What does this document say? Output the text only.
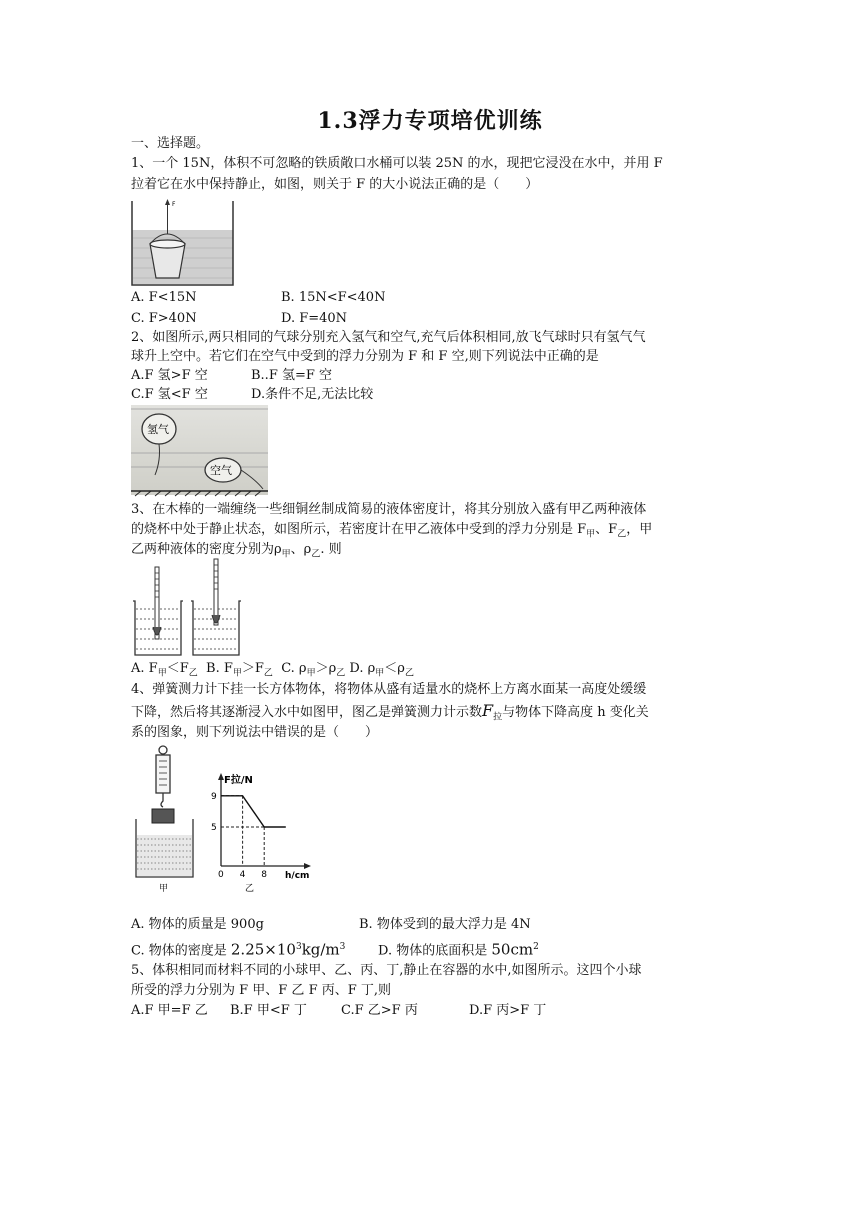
1.3浮力专项培优训练
一、选择题。
1、一个 15N，体积不可忽略的铁质敞口水桶可以装 25N 的水，现把它浸没在水中，并用 F
拉着它在水中保持静止，如图，则关于 F 的大小说法正确的是（　　）
F
A. F<15N	B. 15N<F<40N
C. F>40N	D. F=40N
2、如图所示,两只相同的气球分别充入氢气和空气,充气后体积相同,放飞气球时只有氢气气
球升上空中。若它们在空气中受到的浮力分别为 F 和 F 空,则下列说法中正确的是
A.F 氢>F 空	B..F 氢=F 空
C.F 氢<F 空	D.条件不足,无法比较
氢气
空气
3、在木棒的一端缠绕一些细铜丝制成简易的液体密度计，将其分别放入盛有甲乙两种液体
的烧杯中处于静止状态，如图所示，若密度计在甲乙液体中受到的浮力分别是 $F_甲$、$F_乙$，甲
乙两种液体的密度分别为$\rho_甲$、$\rho_乙$. 则
A. $F_甲<F_乙$ B. $F_甲>F_乙$ C. $\rho_甲>\rho_乙$ D. $\rho_甲<\rho_乙$
4、弹簧测力计下挂一长方体物体，将物体从盛有适量水的烧杯上方离水面某一高度处缓缓
下降，然后将其逐渐浸入水中如图甲，图乙是弹簧测力计示数$F_拉$与物体下降高度 h 变化关
系的图象，则下列说法中错误的是（　　）
甲
0 4 8
9
5
F拉/N
h/cm
乙
A. 物体的质量是 900g	B. 物体受到的最大浮力是 4N
C. 物体的密度是 $2.25\times 10^3kg/m^3$	D. 物体的底面积是 $50cm^2$
5、体积相同而材料不同的小球甲、乙、丙、丁,静止在容器的水中,如图所示。这四个小球
所受的浮力分别为 F 甲、F 乙 F 丙、F 丁,则
A.F 甲=F 乙 B.F 甲<F 丁	C.F 乙>F 丙	D.F 丙>F 丁
